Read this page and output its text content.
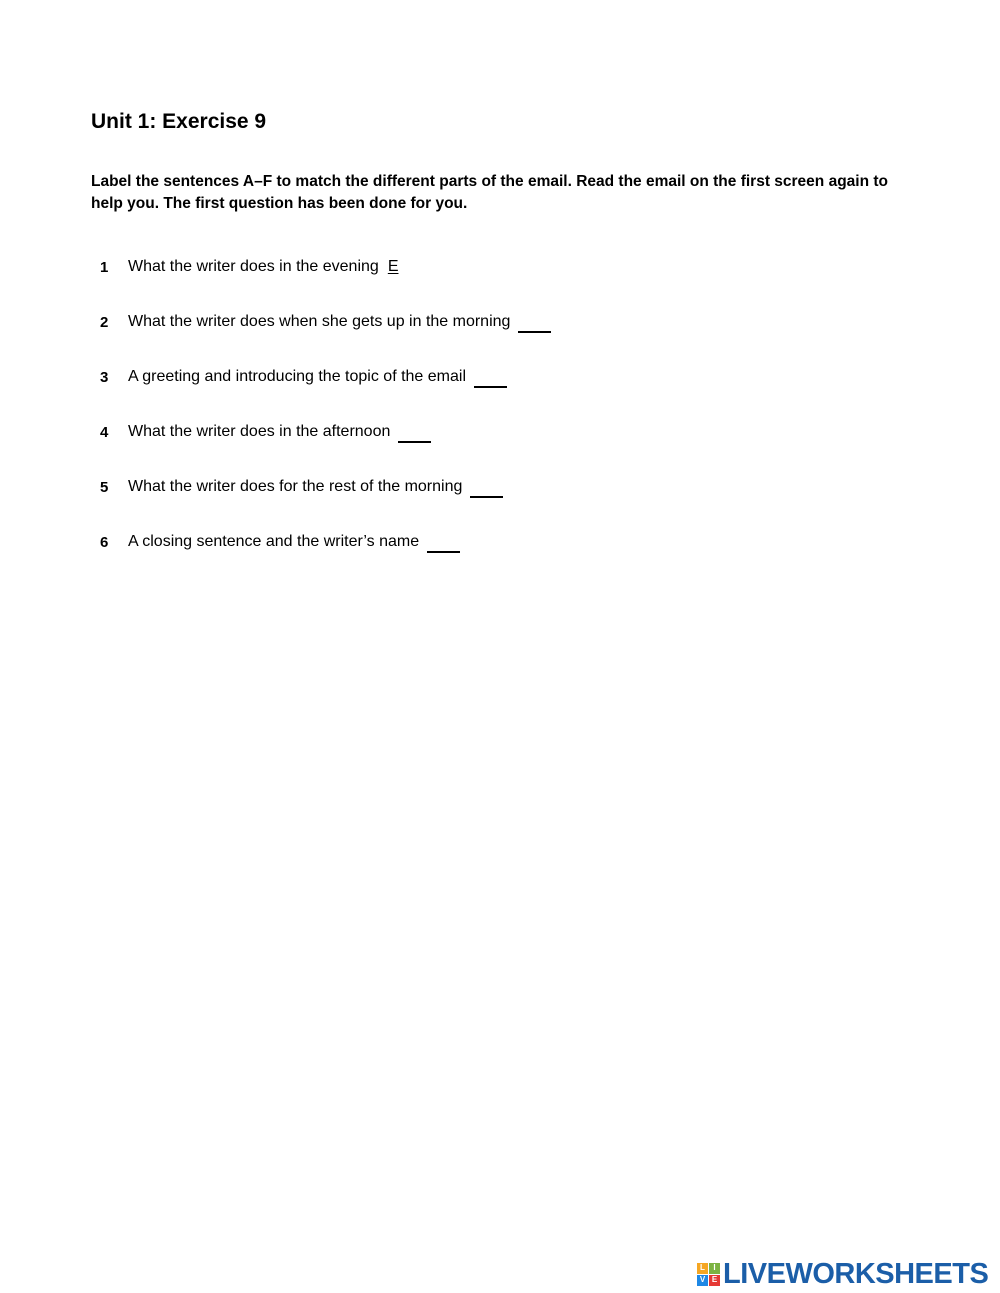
Unit 1: Exercise 9

Label the sentences A–F to match the different parts of the email. Read the email on the first screen again to help you. The first question has been done for you.

1	What the writer does in the evening E
2	What the writer does when she gets up in the morning
3	A greeting and introducing the topic of the email
4	What the writer does in the afternoon
5	What the writer does for the rest of the morning
6	A closing sentence and the writer’s name
L	I
V E LIVEWORKSHEETS
